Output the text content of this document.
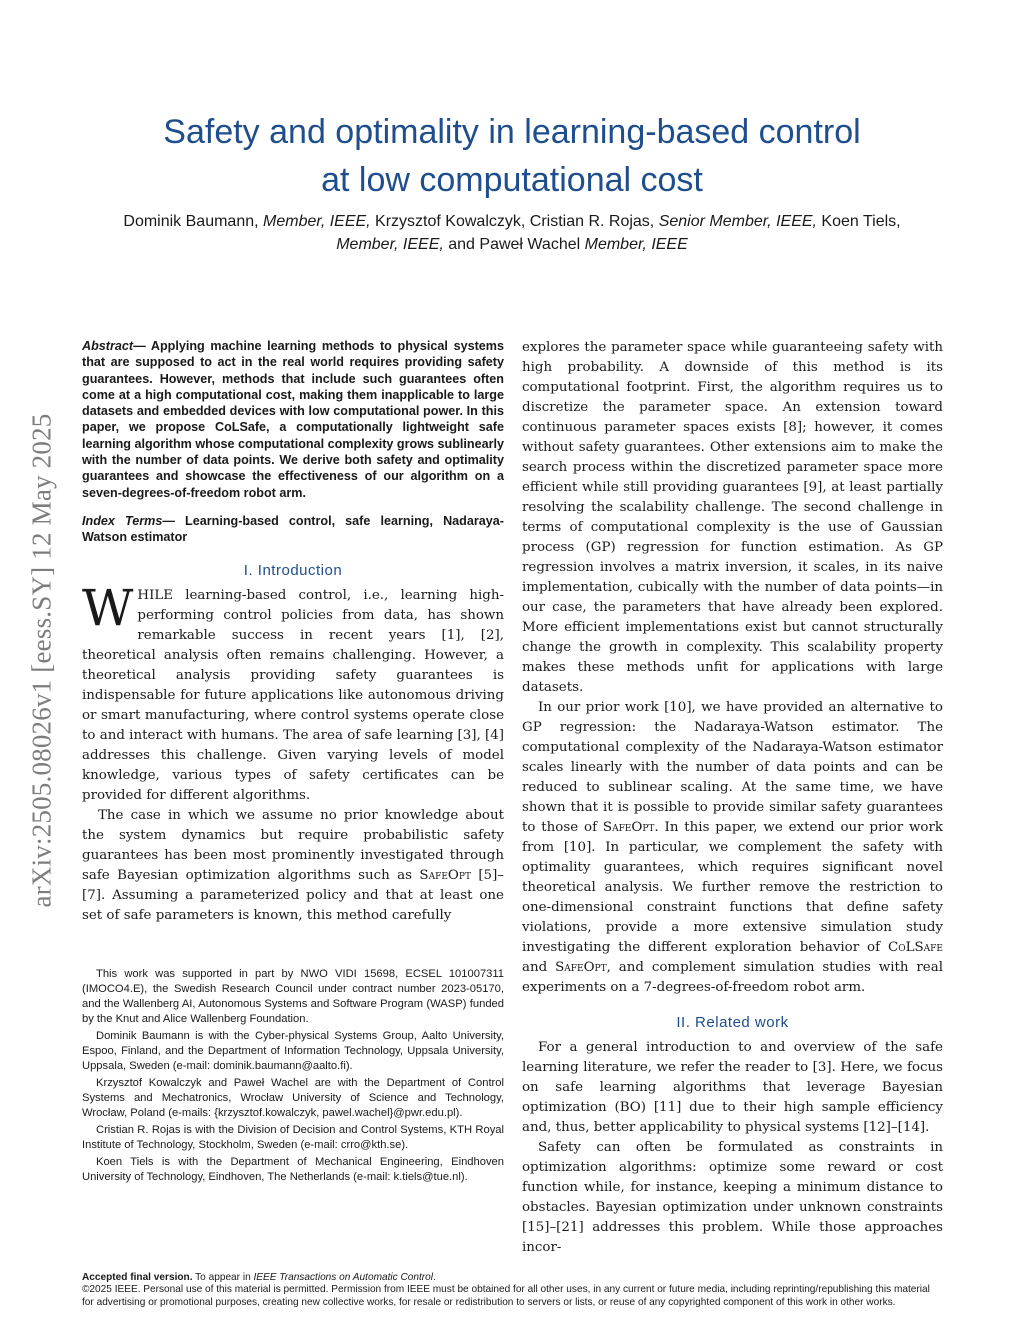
arXiv:2505.08026v1 [eess.SY] 12 May 2025
Safety and optimality in learning-based control
at low computational cost
Dominik Baumann, Member, IEEE, Krzysztof Kowalczyk, Cristian R. Rojas, Senior Member, IEEE, Koen Tiels,
Member, IEEE, and Paweł Wachel Member, IEEE

Abstract— Applying machine learning methods to physical systems that are supposed to act in the real world requires providing safety guarantees. However, methods that include such guarantees often come at a high computational cost, making them inapplicable to large datasets and embedded devices with low computational power. In this paper, we propose CoLSafe, a computationally lightweight safe learning algorithm whose computational complexity grows sublinearly with the number of data points. We derive both safety and optimality guarantees and showcase the effectiveness of our algorithm on a seven-degrees-of-freedom robot arm.

Index Terms— Learning-based control, safe learning, Nadaraya-Watson estimator

I. Introduction

WHILE learning-based control, i.e., learning high-performing control policies from data, has shown remarkable success in recent years [1], [2], theoretical analysis often remains challenging. However, a theoretical analysis providing safety guarantees is indispensable for future applications like autonomous driving or smart manufacturing, where control systems operate close to and interact with humans. The area of safe learning [3], [4] addresses this challenge. Given varying levels of model knowledge, various types of safety certificates can be provided for different algorithms.

The case in which we assume no prior knowledge about the system dynamics but require probabilistic safety guarantees has been most prominently investigated through safe Bayesian optimization algorithms such as SafeOpt [5]–[7]. Assuming a parameterized policy and that at least one set of safe parameters is known, this method carefully

This work was supported in part by NWO VIDI 15698, ECSEL 101007311 (IMOCO4.E), the Swedish Research Council under contract number 2023-05170, and the Wallenberg AI, Autonomous Systems and Software Program (WASP) funded by the Knut and Alice Wallenberg Foundation.

Dominik Baumann is with the Cyber-physical Systems Group, Aalto University, Espoo, Finland, and the Department of Information Technology, Uppsala University, Uppsala, Sweden (e-mail: dominik.baumann@aalto.fi).

Krzysztof Kowalczyk and Paweł Wachel are with the Department of Control Systems and Mechatronics, Wrocław University of Science and Technology, Wrocław, Poland (e-mails: {krzysztof.kowalczyk, pawel.wachel}@pwr.edu.pl).

Cristian R. Rojas is with the Division of Decision and Control Systems, KTH Royal Institute of Technology, Stockholm, Sweden (e-mail: crro@kth.se).

Koen Tiels is with the Department of Mechanical Engineering, Eindhoven University of Technology, Eindhoven, The Netherlands (e-mail: k.tiels@tue.nl).

explores the parameter space while guaranteeing safety with high probability. A downside of this method is its computational footprint. First, the algorithm requires us to discretize the parameter space. An extension toward continuous parameter spaces exists [8]; however, it comes without safety guarantees. Other extensions aim to make the search process within the discretized parameter space more efficient while still providing guarantees [9], at least partially resolving the scalability challenge. The second challenge in terms of computational complexity is the use of Gaussian process (GP) regression for function estimation. As GP regression involves a matrix inversion, it scales, in its naive implementation, cubically with the number of data points—in our case, the parameters that have already been explored. More efficient implementations exist but cannot structurally change the growth in complexity. This scalability property makes these methods unfit for applications with large datasets.

In our prior work [10], we have provided an alternative to GP regression: the Nadaraya-Watson estimator. The computational complexity of the Nadaraya-Watson estimator scales linearly with the number of data points and can be reduced to sublinear scaling. At the same time, we have shown that it is possible to provide similar safety guarantees to those of SafeOpt. In this paper, we extend our prior work from [10]. In particular, we complement the safety with optimality guarantees, which requires significant novel theoretical analysis. We further remove the restriction to one-dimensional constraint functions that define safety violations, provide a more extensive simulation study investigating the different exploration behavior of CoLSafe and SafeOpt, and complement simulation studies with real experiments on a 7-degrees-of-freedom robot arm.

II. Related work

For a general introduction to and overview of the safe learning literature, we refer the reader to [3]. Here, we focus on safe learning algorithms that leverage Bayesian optimization (BO) [11] due to their high sample efficiency and, thus, better applicability to physical systems [12]–[14].

Safety can often be formulated as constraints in optimization algorithms: optimize some reward or cost function while, for instance, keeping a minimum distance to obstacles. Bayesian optimization under unknown constraints [15]–[21] addresses this problem. While those approaches incor-

Accepted final version. To appear in IEEE Transactions on Automatic Control.

©2025 IEEE. Personal use of this material is permitted. Permission from IEEE must be obtained for all other uses, in any current or future media, including reprinting/republishing this material for advertising or promotional purposes, creating new collective works, for resale or redistribution to servers or lists, or reuse of any copyrighted component of this work in other works.
